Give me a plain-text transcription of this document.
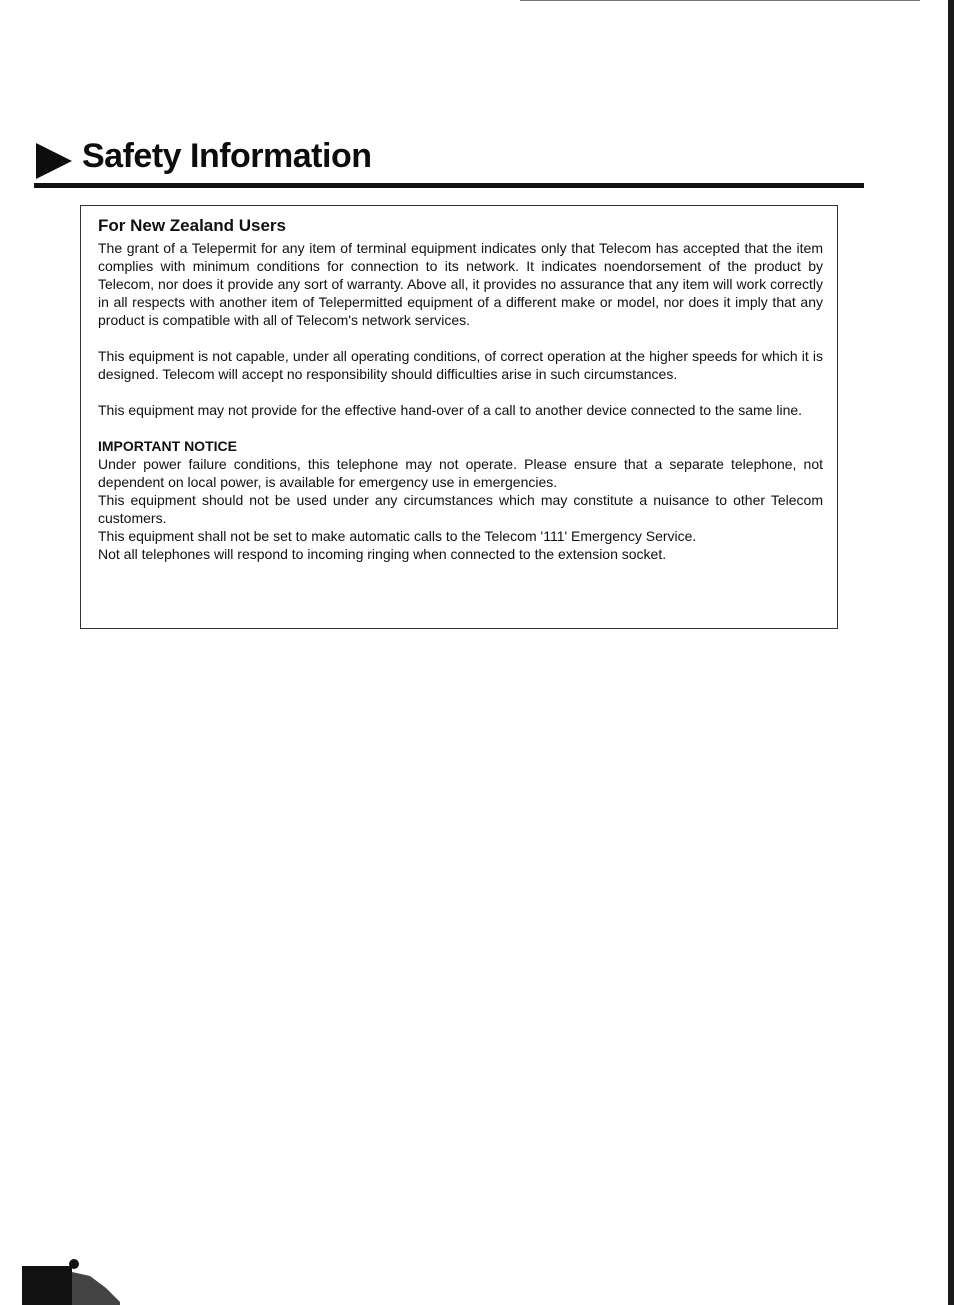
Safety Information
For New Zealand Users

The grant of a Telepermit for any item of terminal equipment indicates only that Telecom has accepted that the item complies with minimum conditions for connection to its network. It indicates noendorsement of the product by Telecom, nor does it provide any sort of warranty. Above all, it provides no assurance that any item will work correctly in all respects with another item of Telepermitted equipment of a different make or model, nor does it imply that any product is compatible with all of Telecom's network services.

This equipment is not capable, under all operating conditions, of correct operation at the higher speeds for which it is designed. Telecom will accept no responsibility should difficulties arise in such circumstances.

This equipment may not provide for the effective hand-over of a call to another device connected to the same line.

IMPORTANT NOTICE

Under power failure conditions, this telephone may not operate. Please ensure that a separate telephone, not dependent on local power, is available for emergency use in emergencies.

This equipment should not be used under any circumstances which may constitute a nuisance to other Telecom customers.

This equipment shall not be set to make automatic calls to the Telecom '111' Emergency Service.

Not all telephones will respond to incoming ringing when connected to the extension socket.
